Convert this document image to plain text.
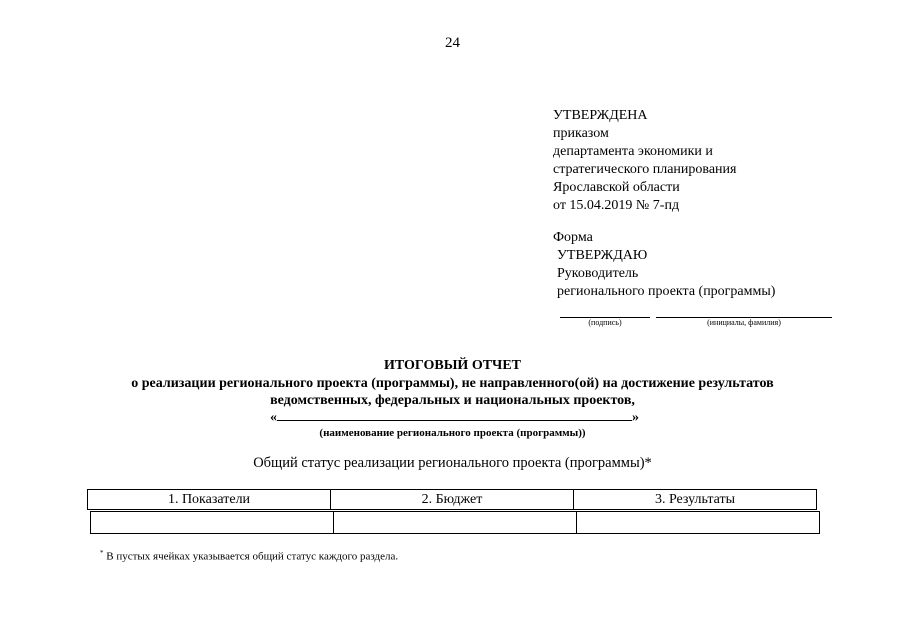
24
УТВЕРЖДЕНА
приказом
департамента экономики и
стратегического планирования
Ярославской области
от 15.04.2019 № 7-пд
Форма
УТВЕРЖДАЮ
Руководитель
регионального проекта (программы)
(подпись)	(инициалы, фамилия)
ИТОГОВЫЙ ОТЧЕТ
о реализации регионального проекта (программы), не направленного(ой) на достижение результатов
ведомственных, федеральных и национальных проектов,
«	»
(наименование регионального проекта (программы))
Общий статус реализации регионального проекта (программы)*
1. Показатели	2. Бюджет	3. Результаты
* В пустых ячейках указывается общий статус каждого раздела.
